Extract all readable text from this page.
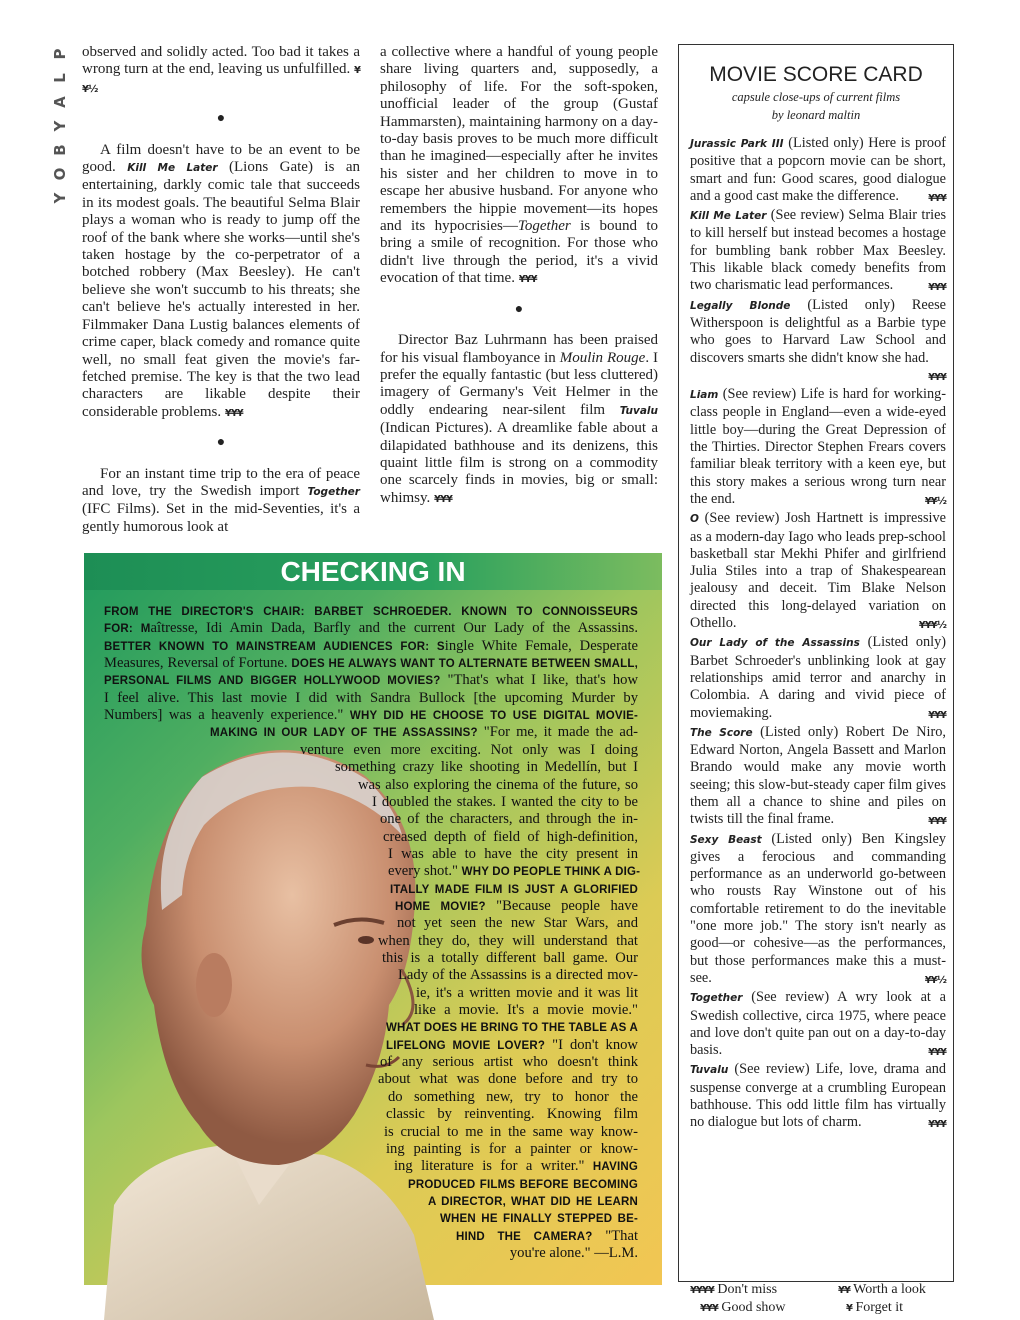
P
L
A
Y
B
O
Y

observed and solidly acted. Too bad it takes a wrong turn at the end, leaving us unfulfilled. ¥¥½

●

A film doesn't have to be an event to be good. Kill Me Later (Lions Gate) is an entertaining, darkly comic tale that succeeds in its modest goals. The beautiful Selma Blair plays a woman who is ready to jump off the roof of the bank where she works—until she's taken hostage by the co-perpetrator of a botched robbery (Max Beesley). He can't believe she won't succumb to his threats; she can't believe he's actually interested in her. Filmmaker Dana Lustig balances elements of crime caper, black comedy and romance quite well, no small feat given the movie's far-fetched premise. The key is that the two lead characters are likable despite their considerable problems. ¥¥¥

●

For an instant time trip to the era of peace and love, try the Swedish import Together (IFC Films). Set in the mid-Seventies, it's a gently humorous look at

a collective where a handful of young people share living quarters and, supposedly, a philosophy of life. For the soft-spoken, unofficial leader of the group (Gustaf Hammarsten), maintaining harmony on a day-to-day basis proves to be much more difficult than he imagined—especially after he invites his sister and her children to move in to escape her abusive husband. For anyone who remembers the hippie movement—its hopes and its hypocrisies—Together is bound to bring a smile of recognition. For those who didn't live through the period, it's a vivid evocation of that time. ¥¥¥

●

Director Baz Luhrmann has been praised for his visual flamboyance in Moulin Rouge. I prefer the equally fantastic (but less cluttered) imagery of Germany's Veit Helmer in the oddly endearing near-silent film Tuvalu (Indican Pictures). A dreamlike fable about a dilapidated bathhouse and its denizens, this quaint little film is strong on a commodity one scarcely finds in movies, big or small: whimsy. ¥¥¥

MOVIE SCORE CARD
capsule close-ups of current films
by leonard maltin
Jurassic Park III (Listed only) Here is proof positive that a popcorn movie can be short, smart and fun: Good scares, good dialogue and a good cast make the difference.	¥¥¥
Kill Me Later (See review) Selma Blair tries to kill herself but instead becomes a hostage for bumbling bank robber Max Beesley. This likable black comedy benefits from two charismatic lead performances.	¥¥¥
Legally Blonde (Listed only) Reese Witherspoon is delightful as a Barbie type who goes to Harvard Law School and discovers smarts she didn't know she had.
¥¥¥
Liam (See review) Life is hard for working-class people in England—even a wide-eyed little boy—during the Great Depression of the Thirties. Director Stephen Frears covers familiar bleak territory with a keen eye, but this story makes a serious wrong turn near the end.	¥¥½
O (See review) Josh Hartnett is impressive as a modern-day Iago who leads prep-school basketball star Mekhi Phifer and girlfriend Julia Stiles into a trap of Shakespearean jealousy and deceit. Tim Blake Nelson directed this long-delayed variation on Othello.	¥¥¥½
Our Lady of the Assassins (Listed only) Barbet Schroeder's unblinking look at gay relationships amid terror and anarchy in Colombia. A daring and vivid piece of moviemaking.	¥¥¥
The Score (Listed only) Robert De Niro, Edward Norton, Angela Bassett and Marlon Brando would make any movie worth seeing; this slow-but-steady caper film gives them all a chance to shine and piles on twists till the final frame.	¥¥¥
Sexy Beast (Listed only) Ben Kingsley gives a ferocious and commanding performance as an underworld go-between who rousts Ray Winstone out of his comfortable retirement to do the inevitable "one more job." The story isn't nearly as good—or cohesive—as the performances, but those performances make this a must-see.	¥¥½
Together (See review) A wry look at a Swedish collective, circa 1975, where peace and love don't quite pan out on a day-to-day basis.	¥¥¥
Tuvalu (See review) Life, love, drama and suspense converge at a crumbling European bathhouse. This odd little film has virtually no dialogue but lots of charm.	¥¥¥
¥¥¥¥ Don't miss	¥¥ Worth a look
¥¥¥ Good show	¥ Forget it
CHECKING IN
FROM THE DIRECTOR'S CHAIR: BARBET SCHROEDER. KNOWN TO CONNOISSEURS
FOR: Maîtresse, Idi Amin Dada, Barfly and the current Our Lady of the Assassins.
BETTER KNOWN TO MAINSTREAM AUDIENCES FOR: Single White Female, Desperate
Measures, Reversal of Fortune. DOES HE ALWAYS WANT TO ALTERNATE BETWEEN SMALL,
PERSONAL FILMS AND BIGGER HOLLYWOOD MOVIES? "That's what I like, that's how
I feel alive. This last movie I did with Sandra Bullock [the upcoming Murder by
Numbers] was a heavenly experience." WHY DID HE CHOOSE TO USE DIGITAL MOVIE-
MAKING IN OUR LADY OF THE ASSASSINS? "For me, it made the ad-
venture even more exciting. Not only was I doing
something crazy like shooting in Medellín, but I
was also exploring the cinema of the future, so
I doubled the stakes. I wanted the city to be
one of the characters, and through the in-
creased depth of field of high-definition,
I was able to have the city present in
every shot." WHY DO PEOPLE THINK A DIG-
ITALLY MADE FILM IS JUST A GLORIFIED
HOME MOVIE? "Because people have
not yet seen the new Star Wars, and
when they do, they will understand that
this is a totally different ball game. Our
Lady of the Assassins is a directed mov-
ie, it's a written movie and it was lit
like a movie. It's a movie movie."
WHAT DOES HE BRING TO THE TABLE AS A
LIFELONG MOVIE LOVER? "I don't know
of any serious artist who doesn't think
about what was done before and try to
do something new, try to honor the
classic by reinventing. Knowing film
is crucial to me in the same way know-
ing painting is for a painter or know-
ing literature is for a writer." HAVING
PRODUCED FILMS BEFORE BECOMING
A DIRECTOR, WHAT DID HE LEARN
WHEN HE FINALLY STEPPED BE-
HIND THE CAMERA? "That
you're alone." —L.M.
